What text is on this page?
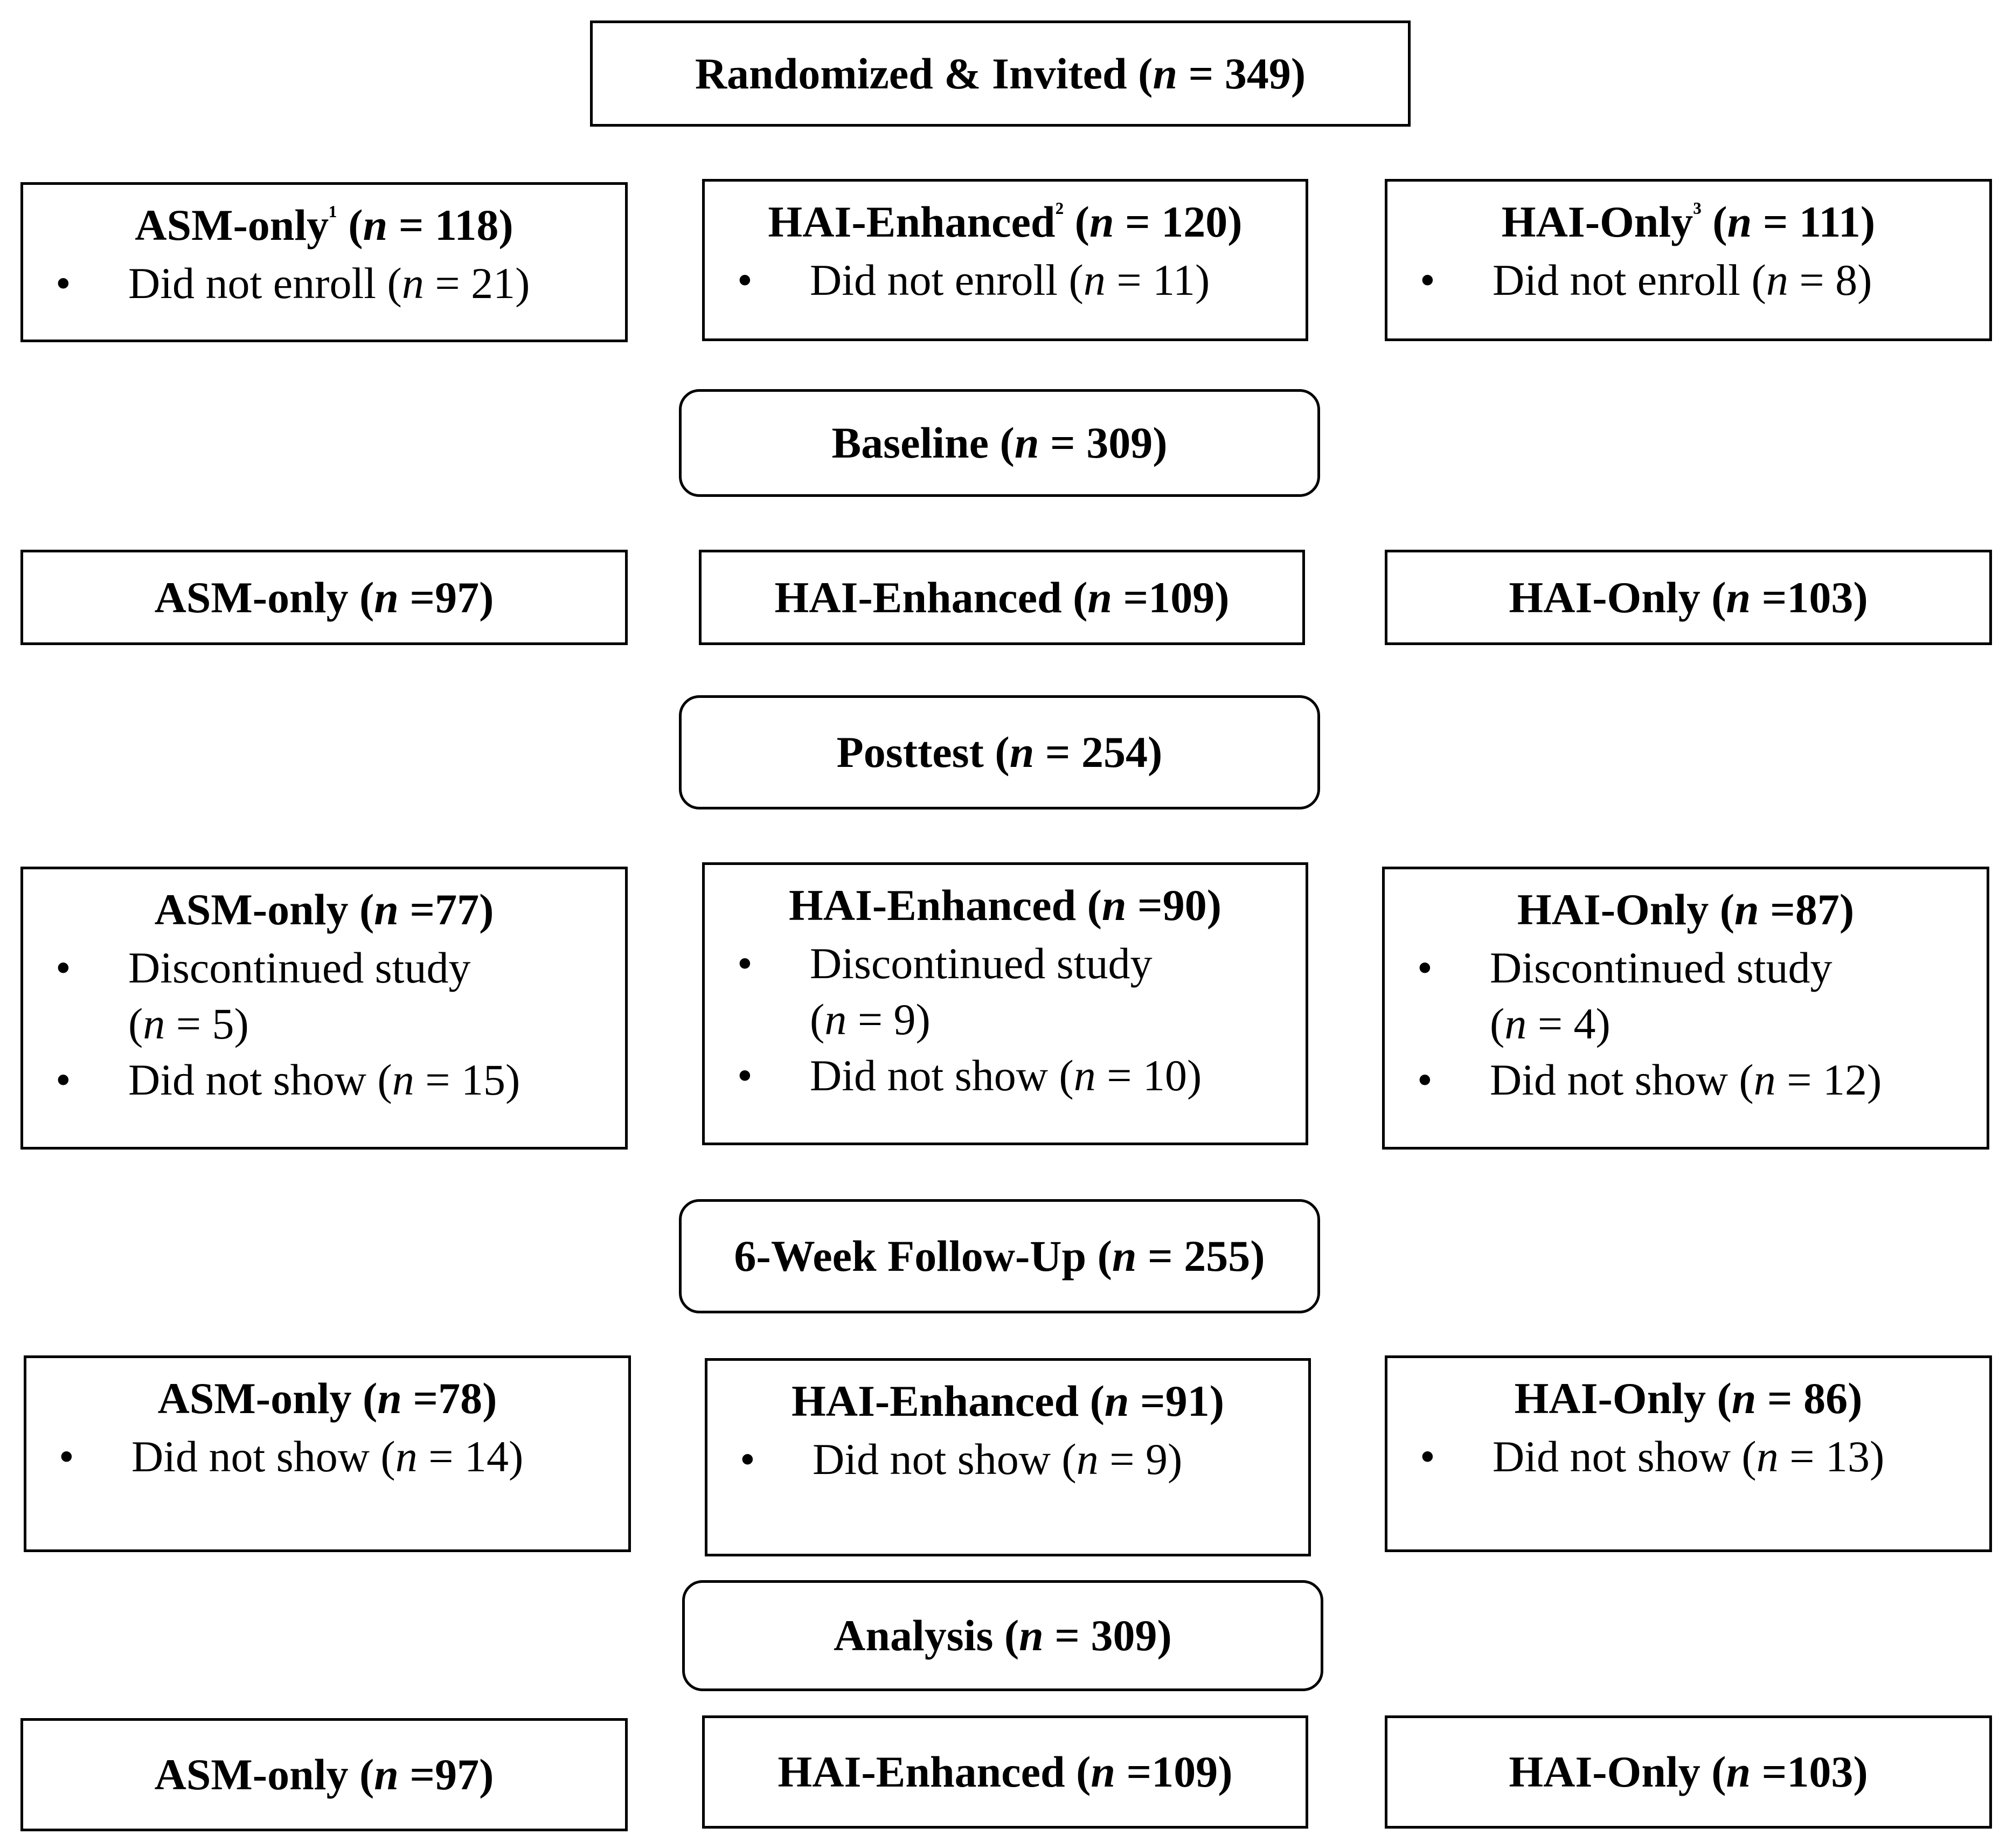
Randomized & Invited (n = 349)
ASM-only$^{^1}$ (n = 118)
• Did not enroll (n = 21)
HAI-Enhanced$^{^2}$ (n = 120)
• Did not enroll (n = 11)
HAI-Only$^{^3}$ (n = 111)
• Did not enroll (n = 8)
Baseline (n = 309)
ASM-only (n =97)	HAI-Enhanced (n =109)	HAI-Only (n =103)
Posttest (n = 254)
ASM-only (n =77)
• Discontinued study
(n = 5)
• Did not show (n = 15)
HAI-Enhanced (n =90)
• Discontinued study
(n = 9)
• Did not show (n = 10)
HAI-Only (n =87)
• Discontinued study
(n = 4)
• Did not show (n = 12)
6-Week Follow-Up (n = 255)
ASM-only (n =78)
• Did not show (n = 14)
HAI-Enhanced (n =91)
• Did not show (n = 9)
HAI-Only (n = 86)
• Did not show (n = 13)
Analysis (n = 309)
ASM-only (n =97)	HAI-Enhanced (n =109)	HAI-Only (n =103)
